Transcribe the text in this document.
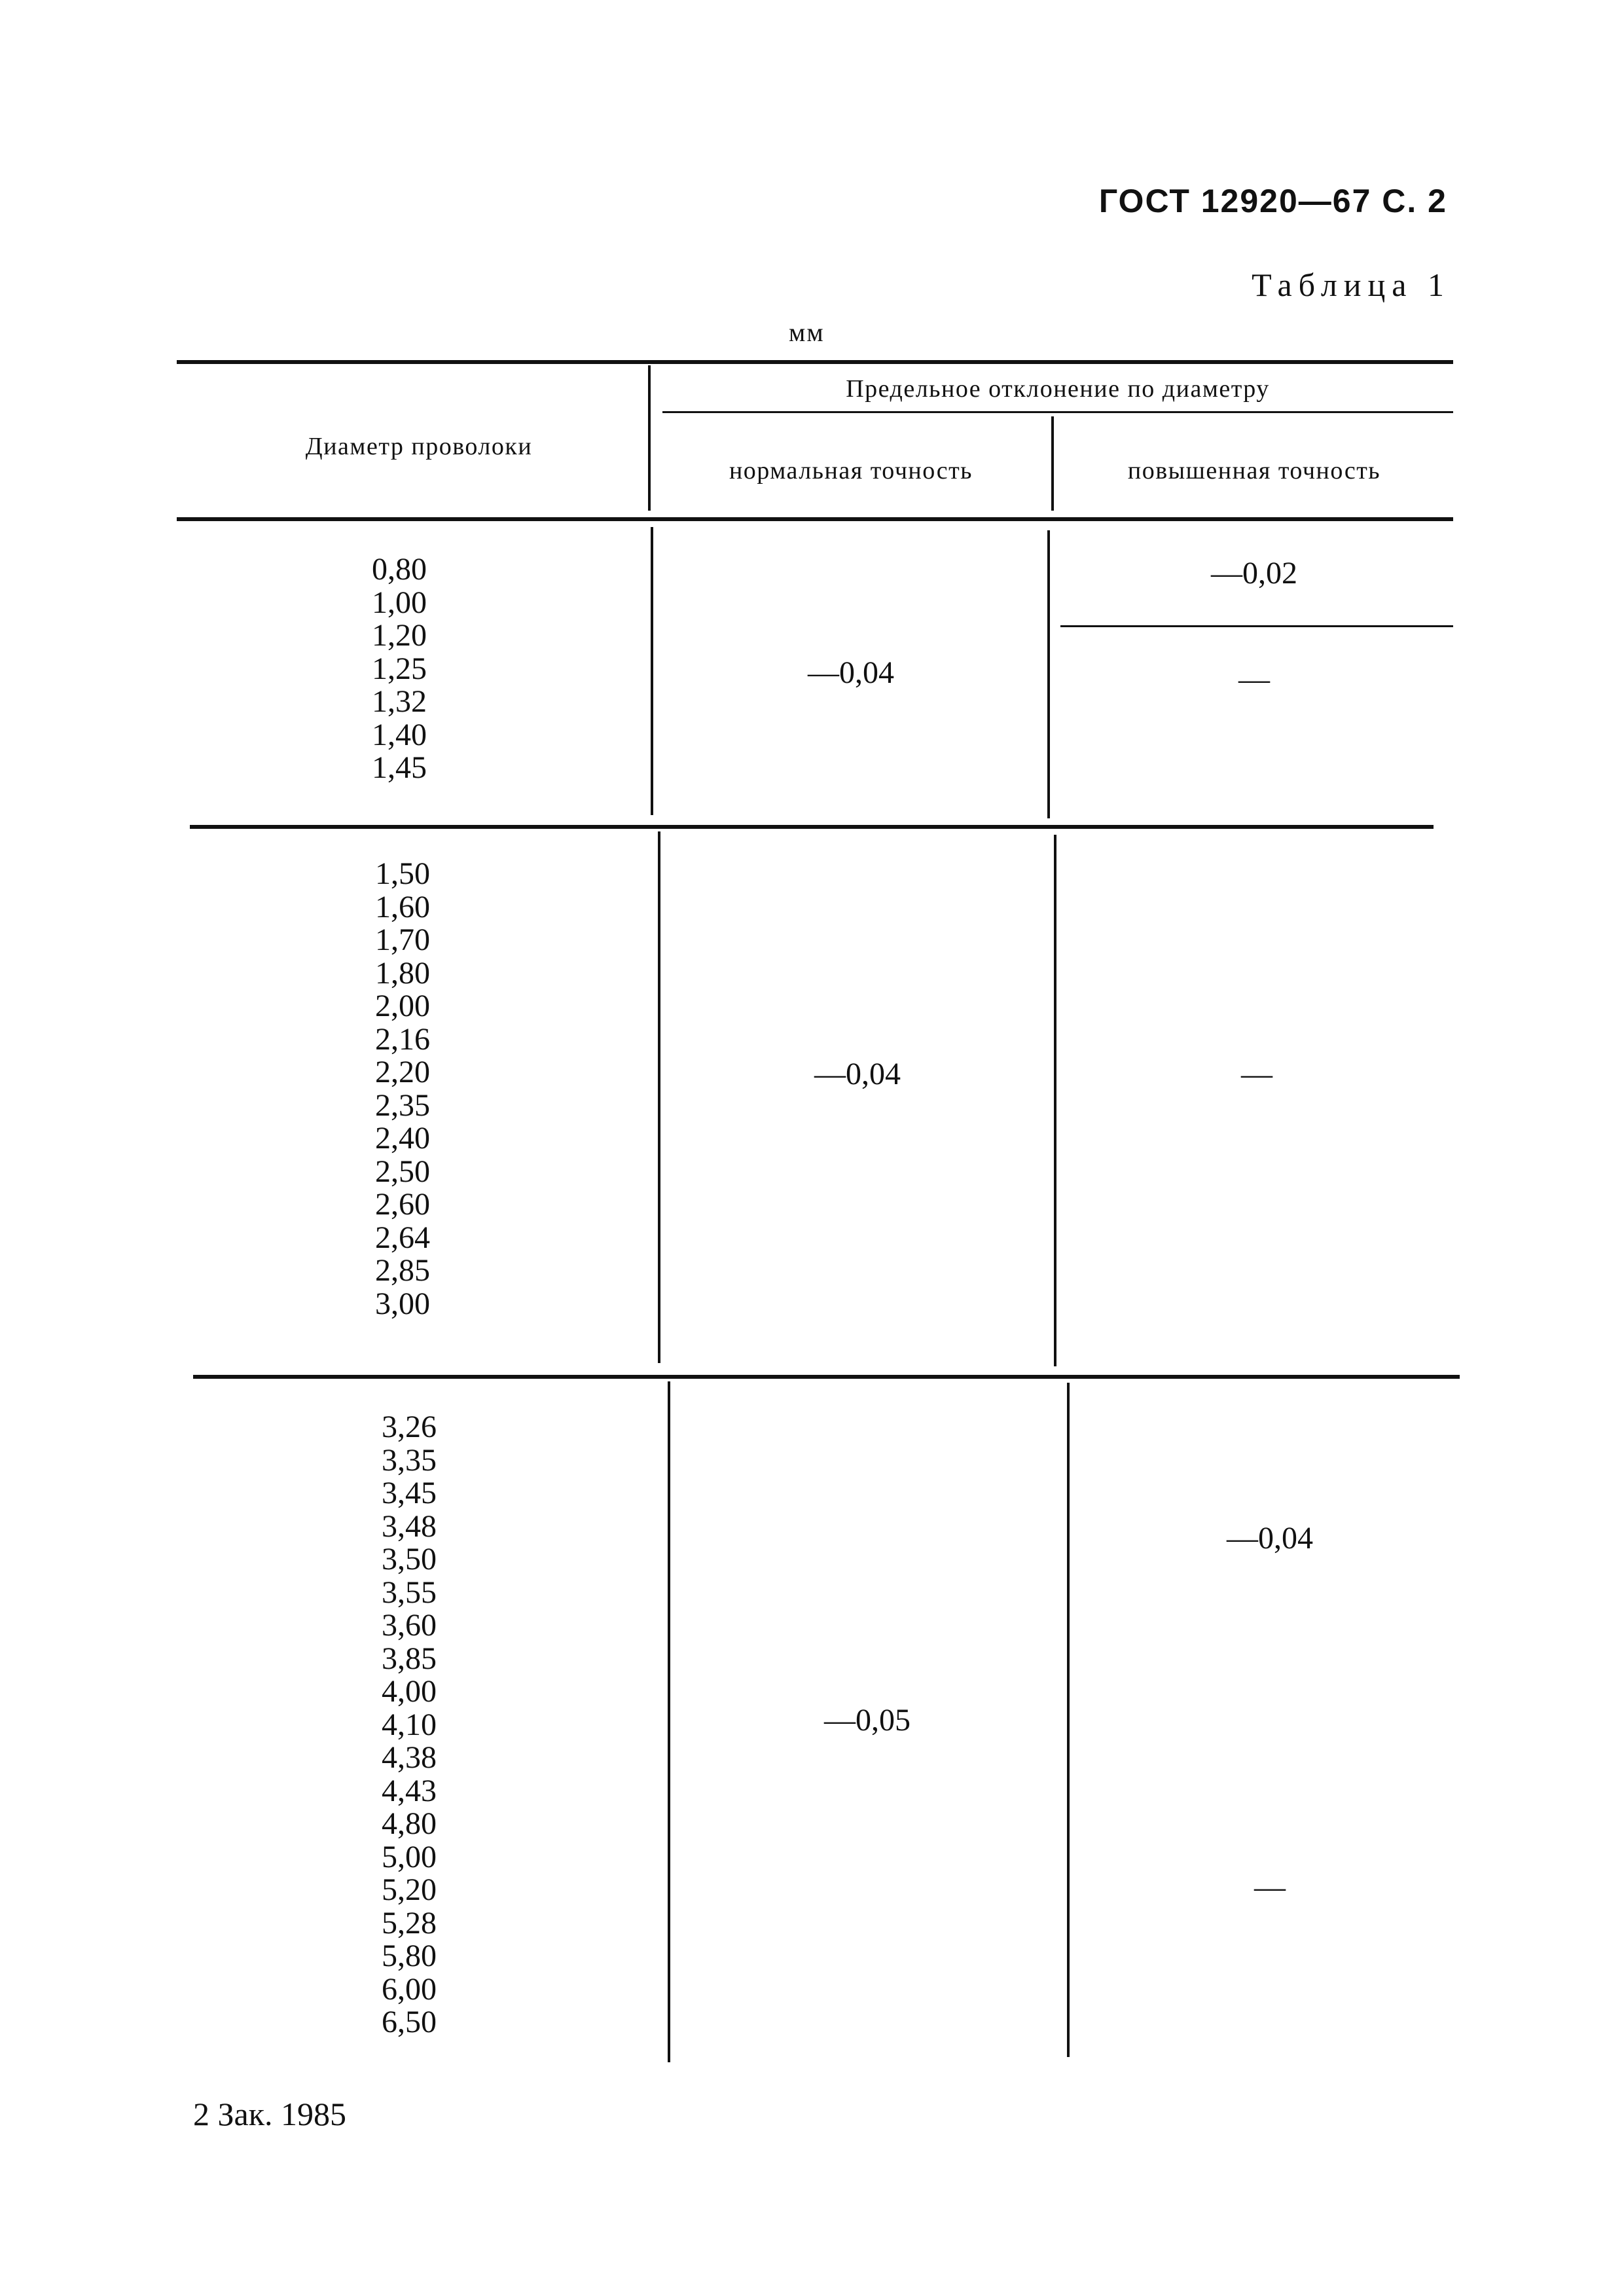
ГОСТ 12920—67 С. 2
Таблица 1
мм
Диаметр проволоки
Предельное отклонение по диаметру
нормальная точность	повышенная точность
0,80
1,00
1,20
1,25
1,32
1,40
1,45
—0,04
—0,02
—
1,50
1,60
1,70
1,80
2,00
2,16
2,20
2,35
2,40
2,50
2,60
2,64
2,85
3,00
—0,04	—
3,26
3,35
3,45
3,48
3,50
3,55
3,60
3,85
4,00
4,10
4,38
4,43
4,80
5,00
5,20
5,28
5,80
6,00
6,50
—0,05
—0,04
—
2 Зак. 1985
